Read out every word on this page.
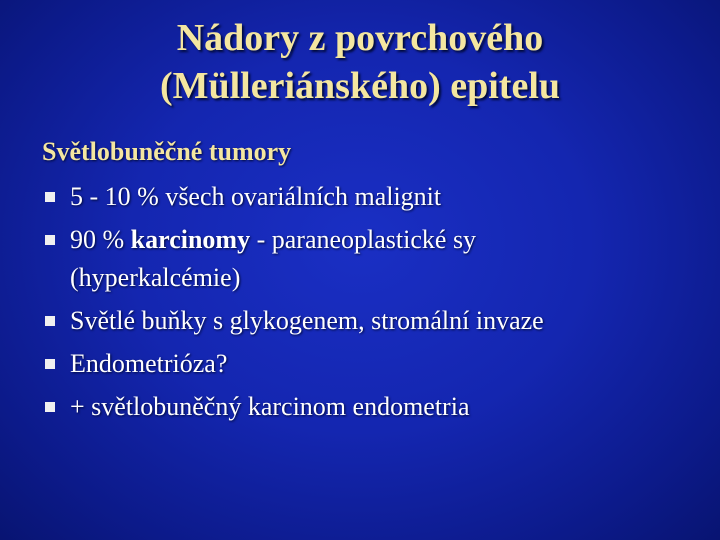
Nádory z povrchového
(Mülleriánského) epitelu
Světlobuněčné tumory
5 - 10 % všech ovariálních malignit
90 % karcinomy - paraneoplastické sy
(hyperkalcémie)
Světlé buňky s glykogenem, stromální invaze
Endometrióza?
+ světlobuněčný karcinom endometria
